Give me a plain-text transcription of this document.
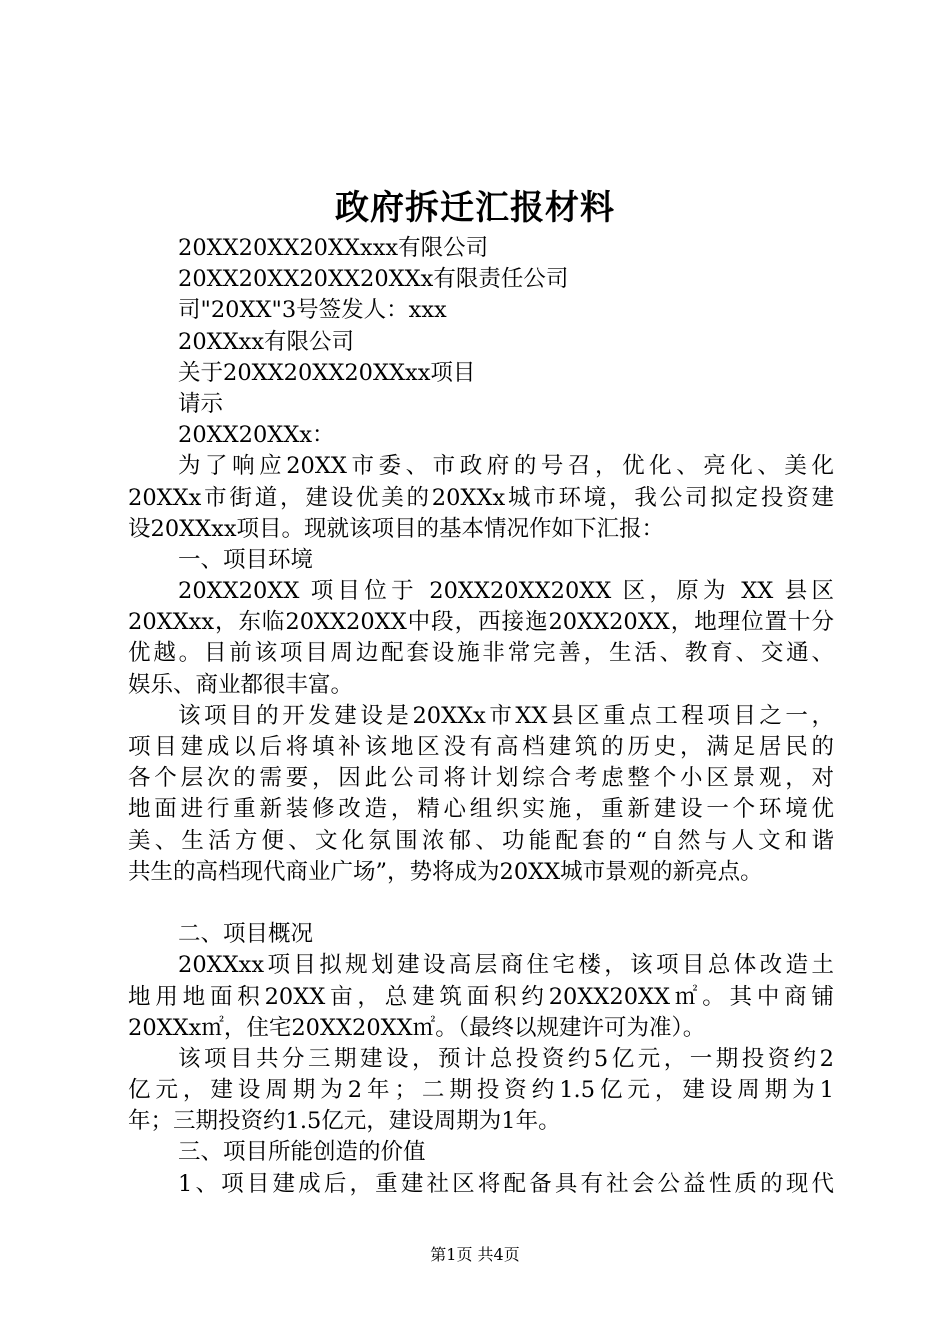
政府拆迁汇报材料
20XX20XX20XXxxx有限公司
20XX20XX20XX20XXx有限责任公司
司"20XX"3号签发人：xxx
20XXxx有限公司
关于20XX20XX20XXxx项目
请示
20XX20XXx：
为了响应20XX市委、市政府的号召，优化、亮化、美化
20XXx市街道，建设优美的20XXx城市环境，我公司拟定投资建
设20XXxx项目。现就该项目的基本情况作如下汇报：
一、项目环境
20XX20XX 项目位于 20XX20XX20XX 区，原为 XX 县区
20XXxx，东临20XX20XX中段，西接迤20XX20XX，地理位置十分
优越。目前该项目周边配套设施非常完善，生活、教育、交通、
娱乐、商业都很丰富。
该项目的开发建设是20XXx市XX县区重点工程项目之一，
项目建成以后将填补该地区没有高档建筑的历史，满足居民的
各个层次的需要，因此公司将计划综合考虑整个小区景观，对
地面进行重新装修改造，精心组织实施，重新建设一个环境优
美、生活方便、文化氛围浓郁、功能配套的“自然与人文和谐
共生的高档现代商业广场”，势将成为20XX城市景观的新亮点。
二、项目概况
20XXxx项目拟规划建设高层商住宅楼，该项目总体改造土
地用地面积20XX亩，总建筑面积约20XX20XX㎡。其中商铺
20XXx㎡，住宅20XX20XX㎡。（最终以规建许可为准）。
该项目共分三期建设，预计总投资约5亿元，一期投资约2
亿元，建设周期为2年；二期投资约1.5亿元，建设周期为1
年；三期投资约1.5亿元，建设周期为1年。
三、项目所能创造的价值
1、项目建成后，重建社区将配备具有社会公益性质的现代
第1页 共4页
